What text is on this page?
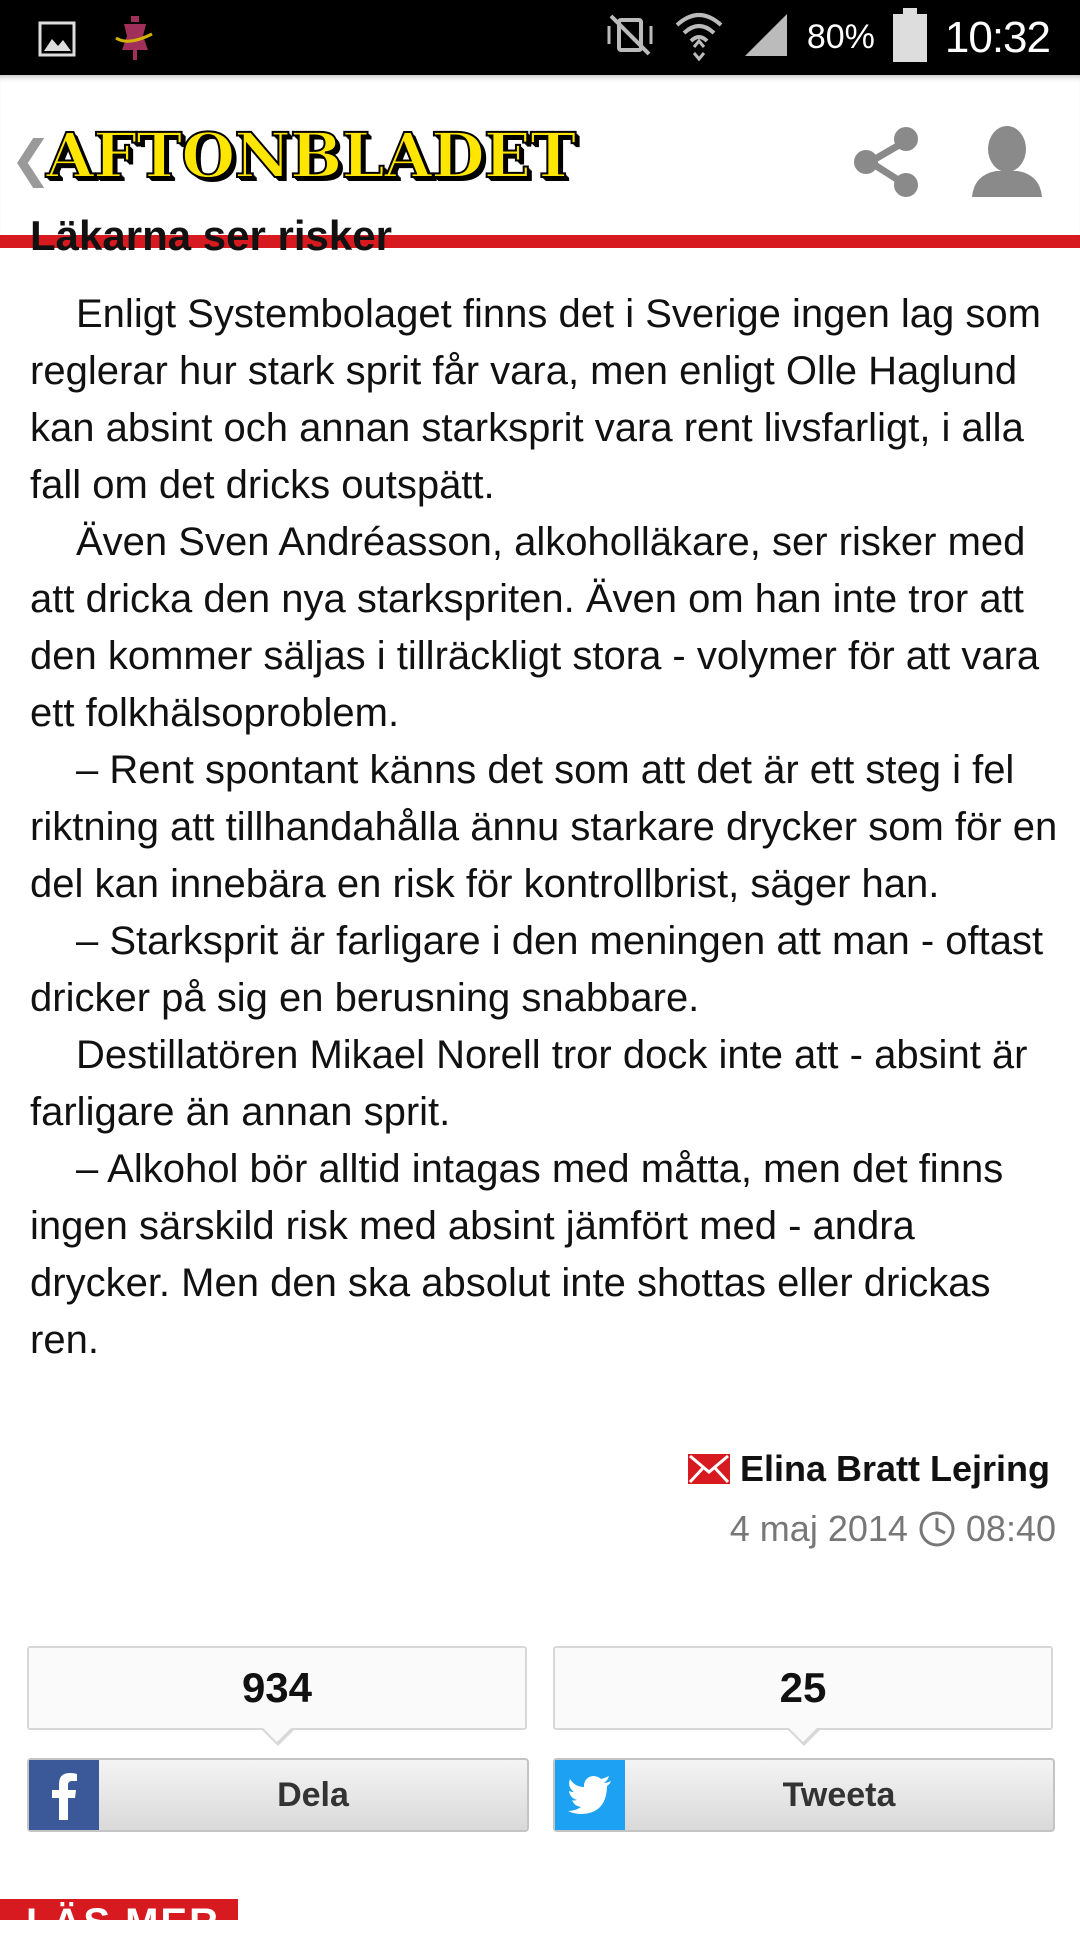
80% 10:32
❮
AFTONBLADET
Läkarna ser risker

Enligt Systembolaget finns det i Sverige ingen lag som reglerar hur stark sprit får vara, men enligt Olle Haglund kan absint och annan starksprit vara rent livsfarligt, i alla fall om det dricks outspätt.

Även Sven Andréasson, alkoholläkare, ser risker med att dricka den nya starkspriten. Även om han inte tror att den kommer säljas i tillräckligt stora - volymer för att vara ett folkhälsoproblem.

– Rent spontant känns det som att det är ett steg i fel riktning att tillhandahålla ännu starkare drycker som för en del kan innebära en risk för kontrollbrist, säger han.

– Starksprit är farligare i den meningen att man - oftast dricker på sig en berusning snabbare.

Destillatören Mikael Norell tror dock inte att - absint är farligare än annan sprit.

– Alkohol bör alltid intagas med måtta, men det finns ingen särskild risk med absint jämfört med - andra drycker. Men den ska absolut inte shottas eller drickas ren.

Elina Bratt Lejring
4 maj 2014 08:40
934	25
Dela	Tweeta
LÄS MER
